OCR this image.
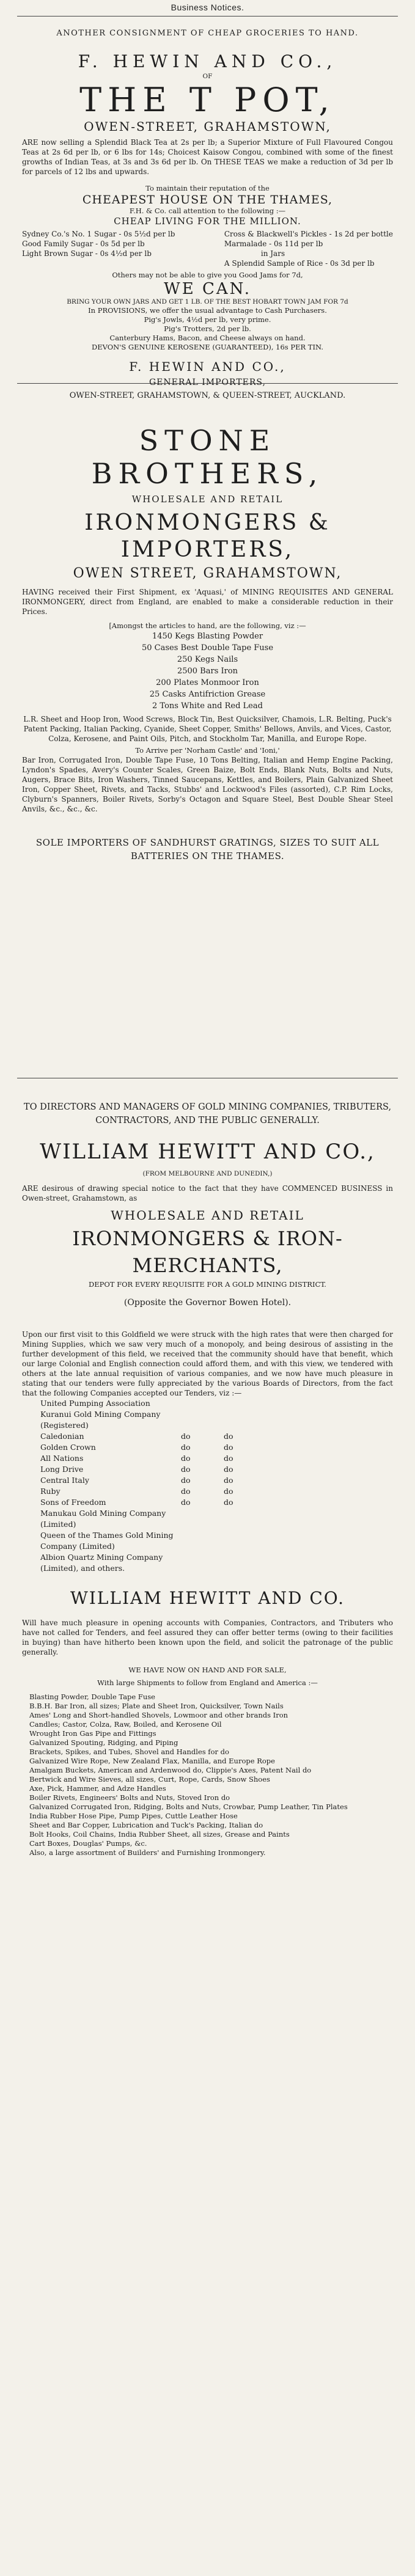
Business Notices.
ANOTHER CONSIGNMENT OF CHEAP GROCERIES TO HAND.
F. HEWIN AND CO.,
OF
THE T POT,
OWEN-STREET, GRAHAMSTOWN,

ARE now selling a Splendid Black Tea at 2s per lb; a Superior Mixture of Full Flavoured Congou Teas at 2s 6d per lb, or 6 lbs for 14s; Choicest Kaisow Congou, combined with some of the finest growths of Indian Teas, at 3s and 3s 6d per lb. On THESE TEAS we make a reduction of 3d per lb for parcels of 12 lbs and upwards.

To maintain their reputation of the
CHEAPEST HOUSE ON THE THAMES,
F.H. & Co. call attention to the following :—
CHEAP LIVING FOR THE MILLION.
Sydney Co.'s No. 1 Sugar - 0s 5½d per lb
Good Family Sugar - 0s 5d per lb
Light Brown Sugar - 0s 4½d per lb
Cross & Blackwell's Pickles - 1s 2d per bottle
Marmalade - 0s 11d per lb
in Jars
A Splendid Sample of Rice - 0s 3d per lb
Others may not be able to give you Good Jams for 7d,
WE CAN.
BRING YOUR OWN JARS AND GET 1 LB. OF THE BEST HOBART TOWN JAM FOR 7d
In PROVISIONS, we offer the usual advantage to Cash Purchasers.
Pig's Jowls, 4½d per lb, very prime.
Pig's Trotters, 2d per lb.
Canterbury Hams, Bacon, and Cheese always on hand.
DEVON'S GENUINE KEROSENE (GUARANTEED), 16s PER TIN.
F. HEWIN AND CO.,
GENERAL IMPORTERS,
OWEN-STREET, GRAHAMSTOWN, & QUEEN-STREET, AUCKLAND.
STONE BROTHERS,
WHOLESALE AND RETAIL
IRONMONGERS & IMPORTERS,
OWEN STREET, GRAHAMSTOWN,

HAVING received their First Shipment, ex 'Aquasi,' of MINING REQUISITES AND GENERAL IRONMONGERY, direct from England, are enabled to make a considerable reduction in their Prices.

[Amongst the articles to hand, are the following, viz :—
1450 Kegs Blasting Powder
50 Cases Best Double Tape Fuse
250 Kegs Nails
2500 Bars Iron
200 Plates Monmoor Iron
25 Casks Antifriction Grease
2 Tons White and Red Lead

L.R. Sheet and Hoop Iron, Wood Screws, Block Tin, Best Quicksilver, Chamois, L.R. Belting, Puck's Patent Packing, Italian Packing, Cyanide, Sheet Copper, Smiths' Bellows, Anvils, and Vices, Castor, Colza, Kerosene, and Paint Oils, Pitch, and Stockholm Tar, Manilla, and Europe Rope.

To Arrive per 'Norham Castle' and 'Ioni,'

Bar Iron, Corrugated Iron, Double Tape Fuse, 10 Tons Belting, Italian and Hemp Engine Packing, Lyndon's Spades, Avery's Counter Scales, Green Baize, Bolt Ends, Blank Nuts, Bolts and Nuts, Augers, Brace Bits, Iron Washers, Tinned Saucepans, Kettles, and Boilers, Plain Galvanized Sheet Iron, Copper Sheet, Rivets, and Tacks, Stubbs' and Lockwood's Files (assorted), C.P. Rim Locks, Clyburn's Spanners, Boiler Rivets, Sorby's Octagon and Square Steel, Best Double Shear Steel Anvils, &c., &c., &c.

SOLE IMPORTERS OF SANDHURST GRATINGS, SIZES TO SUIT ALL BATTERIES ON THE THAMES.
TO DIRECTORS AND MANAGERS OF GOLD MINING COMPANIES, TRIBUTERS, CONTRACTORS, AND THE PUBLIC GENERALLY.
WILLIAM HEWITT AND CO.,
(FROM MELBOURNE AND DUNEDIN,)

ARE desirous of drawing special notice to the fact that they have COMMENCED BUSINESS in Owen-street, Grahamstown, as

WHOLESALE AND RETAIL
IRONMONGERS & IRON-MERCHANTS,
DEPOT FOR EVERY REQUISITE FOR A GOLD MINING DISTRICT.
(Opposite the Governor Bowen Hotel).

Upon our first visit to this Goldfield we were struck with the high rates that were then charged for Mining Supplies, which we saw very much of a monopoly, and being desirous of assisting in the further development of this field, we received that the community should have that benefit, which our large Colonial and English connection could afford them, and with this view, we tendered with others at the late annual requisition of various companies, and we now have much pleasure in stating that our tenders were fully appreciated by the various Boards of Directors, from the fact that the following Companies accepted our Tenders, viz :—

United Pumping Association
Kuranui Gold Mining Company (Registered)
Caledonian	do	do
Golden Crown	do	do
All Nations	do	do
Long Drive	do	do
Central Italy	do	do
Ruby	do	do
Sons of Freedom	do	do
Manukau Gold Mining Company (Limited)
Queen of the Thames Gold Mining Company (Limited)
Albion Quartz Mining Company (Limited), and others.
WILLIAM HEWITT AND CO.

Will have much pleasure in opening accounts with Companies, Contractors, and Tributers who have not called for Tenders, and feel assured they can offer better terms (owing to their facilities in buying) than have hitherto been known upon the field, and solicit the patronage of the public generally.

WE HAVE NOW ON HAND AND FOR SALE,
With large Shipments to follow from England and America :—
Blasting Powder, Double Tape Fuse
B.B.H. Bar Iron, all sizes; Plate and Sheet Iron, Quicksilver, Town Nails
Ames' Long and Short-handled Shovels, Lowmoor and other brands Iron
Candles; Castor, Colza, Raw, Boiled, and Kerosene Oil
Wrought Iron Gas Pipe and Fittings
Galvanized Spouting, Ridging, and Piping
Brackets, Spikes, and Tubes, Shovel and Handles for do
Galvanized Wire Rope, New Zealand Flax, Manilla, and Europe Rope
Amalgam Buckets, American and Ardenwood do, Clippie's Axes, Patent Nail do
Bertwick and Wire Sieves, all sizes, Curt, Rope, Cards, Snow Shoes
Axe, Pick, Hammer, and Adze Handles
Boiler Rivets, Engineers' Bolts and Nuts, Stoved Iron do
Galvanized Corrugated Iron, Ridging, Bolts and Nuts, Crowbar, Pump Leather, Tin Plates
India Rubber Hose Pipe, Pump Pipes, Cuttle Leather Hose
Sheet and Bar Copper, Lubrication and Tuck's Packing, Italian do
Bolt Hooks, Coil Chains, India Rubber Sheet, all sizes, Grease and Paints
Cart Boxes, Douglas' Pumps, &c.
Also, a large assortment of Builders' and Furnishing Ironmongery.
